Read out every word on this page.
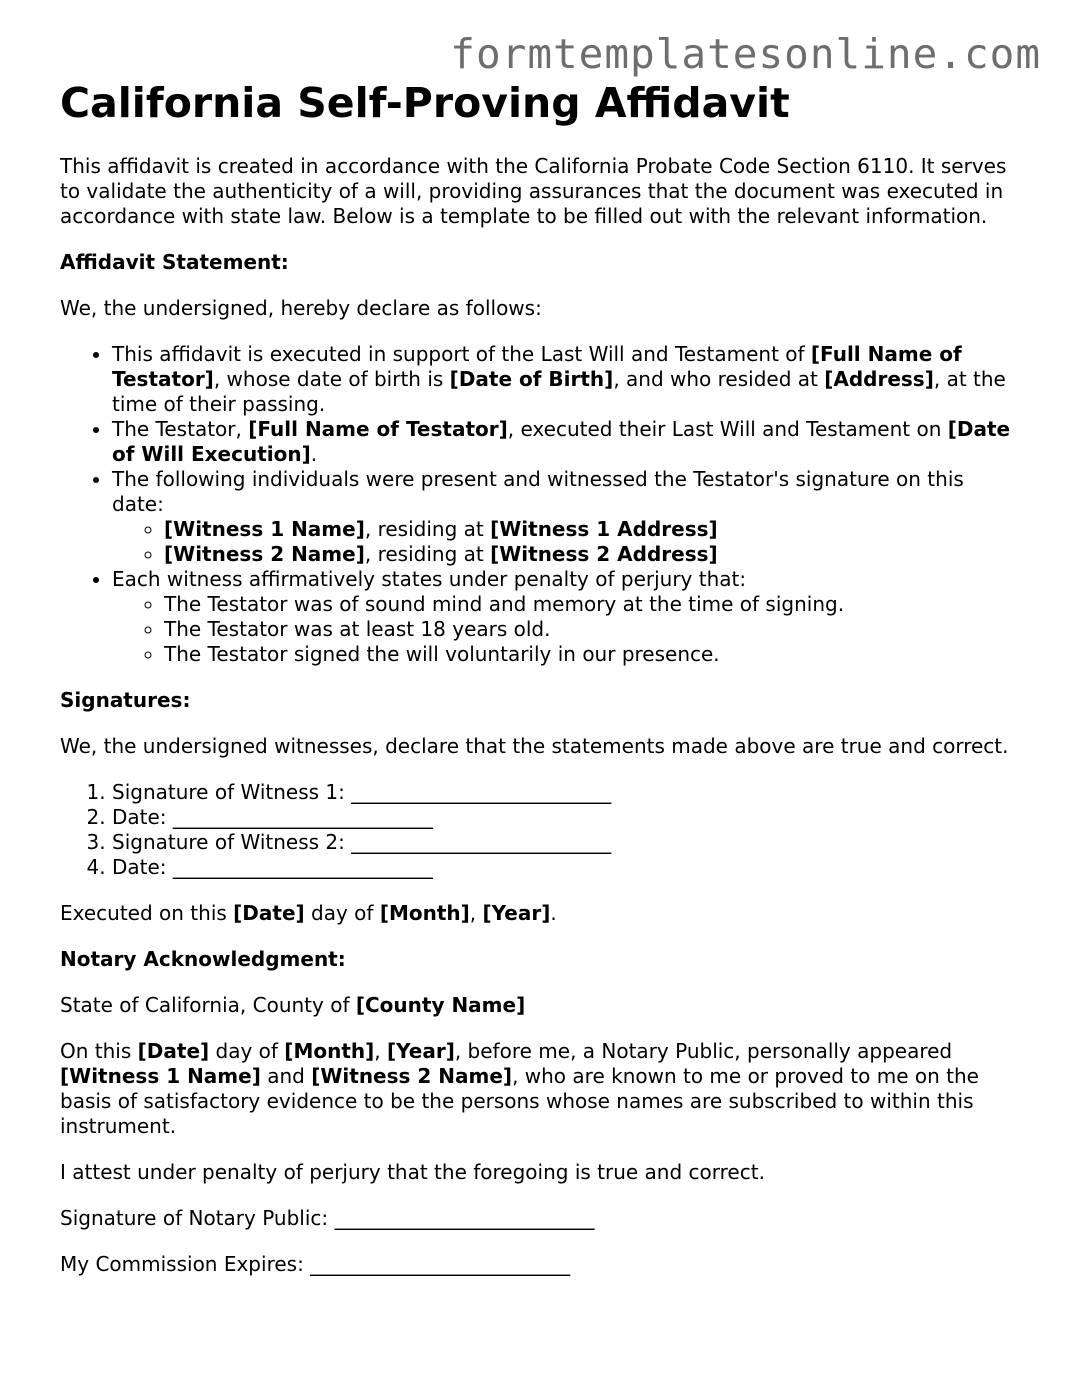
formtemplatesonline.com
California Self-Proving Affidavit

This affidavit is created in accordance with the California Probate Code Section 6110. It serves to validate the authenticity of a will, providing assurances that the document was executed in accordance with state law. Below is a template to be filled out with the relevant information.

Affidavit Statement:

We, the undersigned, hereby declare as follows:

• This affidavit is executed in support of the Last Will and Testament of [Full Name of Testator], whose date of birth is [Date of Birth], and who resided at [Address], at the time of their passing.
• The Testator, [Full Name of Testator], executed their Last Will and Testament on [Date of Will Execution].
• The following individuals were present and witnessed the Testator's signature on this date:
◦ [Witness 1 Name], residing at [Witness 1 Address]
◦ [Witness 2 Name], residing at [Witness 2 Address]
• Each witness affirmatively states under penalty of perjury that:
◦ The Testator was of sound mind and memory at the time of signing.
◦ The Testator was at least 18 years old.
◦ The Testator signed the will voluntarily in our presence.

Signatures:

We, the undersigned witnesses, declare that the statements made above are true and correct.

1. Signature of Witness 1: __________________________
2. Date: __________________________
3. Signature of Witness 2: __________________________
4. Date: __________________________

Executed on this [Date] day of [Month], [Year].

Notary Acknowledgment:

State of California, County of [County Name]

On this [Date] day of [Month], [Year], before me, a Notary Public, personally appeared [Witness 1 Name] and [Witness 2 Name], who are known to me or proved to me on the basis of satisfactory evidence to be the persons whose names are subscribed to within this instrument.

I attest under penalty of perjury that the foregoing is true and correct.

Signature of Notary Public: __________________________

My Commission Expires: __________________________
